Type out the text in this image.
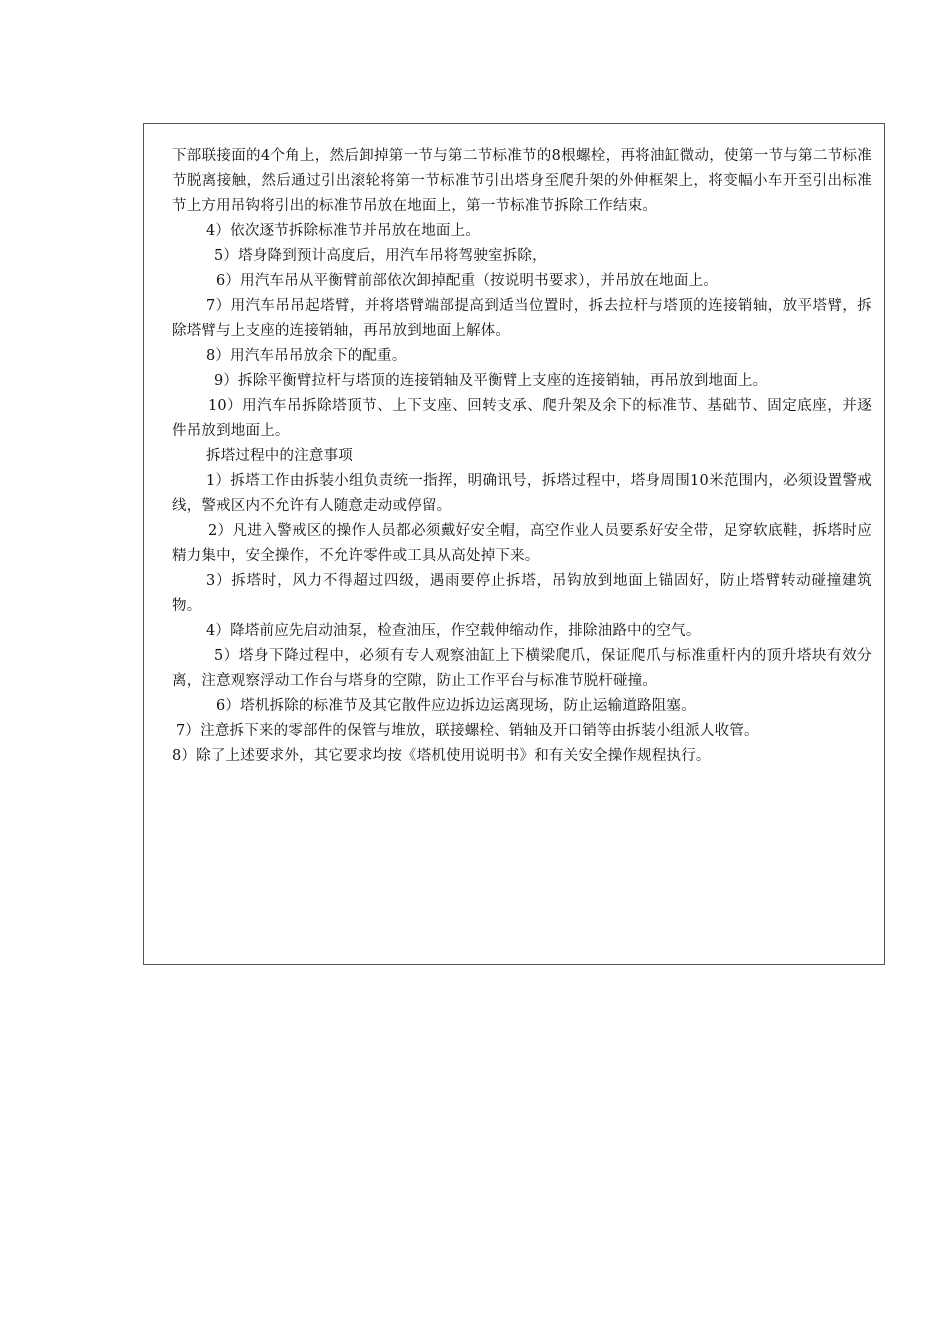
下部联接面的4个角上，然后卸掉第一节与第二节标准节的8根螺栓，再将油缸微动，使第一节与第二节标准节脱离接触，然后通过引出滚轮将第一节标准节引出塔身至爬升架的外伸框架上，将变幅小车开至引出标准节上方用吊钩将引出的标准节吊放在地面上，第一节标准节拆除工作结束。

4）依次逐节拆除标准节并吊放在地面上。

5）塔身降到预计高度后，用汽车吊将驾驶室拆除，

6）用汽车吊从平衡臂前部依次卸掉配重（按说明书要求），并吊放在地面上。

7）用汽车吊吊起塔臂，并将塔臂端部提高到适当位置时，拆去拉杆与塔顶的连接销轴，放平塔臂，拆除塔臂与上支座的连接销轴，再吊放到地面上解体。

8）用汽车吊吊放余下的配重。

9）拆除平衡臂拉杆与塔顶的连接销轴及平衡臂上支座的连接销轴，再吊放到地面上。

10）用汽车吊拆除塔顶节、上下支座、回转支承、爬升架及余下的标准节、基础节、固定底座，并逐件吊放到地面上。

拆塔过程中的注意事项

1）拆塔工作由拆装小组负责统一指挥，明确讯号，拆塔过程中，塔身周围10米范围内，必须设置警戒线，警戒区内不允许有人随意走动或停留。

2）凡进入警戒区的操作人员都必须戴好安全帽，高空作业人员要系好安全带，足穿软底鞋，拆塔时应精力集中，安全操作，不允许零件或工具从高处掉下来。

3）拆塔时，风力不得超过四级，遇雨要停止拆塔，吊钩放到地面上锚固好，防止塔臂转动碰撞建筑物。

4）降塔前应先启动油泵，检查油压，作空载伸缩动作，排除油路中的空气。

5）塔身下降过程中，必须有专人观察油缸上下横梁爬爪，保证爬爪与标准重杆内的顶升塔块有效分离，注意观察浮动工作台与塔身的空隙，防止工作平台与标准节脱杆碰撞。

6）塔机拆除的标准节及其它散件应边拆边运离现场，防止运输道路阻塞。

7）注意拆下来的零部件的保管与堆放，联接螺栓、销轴及开口销等由拆装小组派人收管。

8）除了上述要求外，其它要求均按《塔机使用说明书》和有关安全操作规程执行。
